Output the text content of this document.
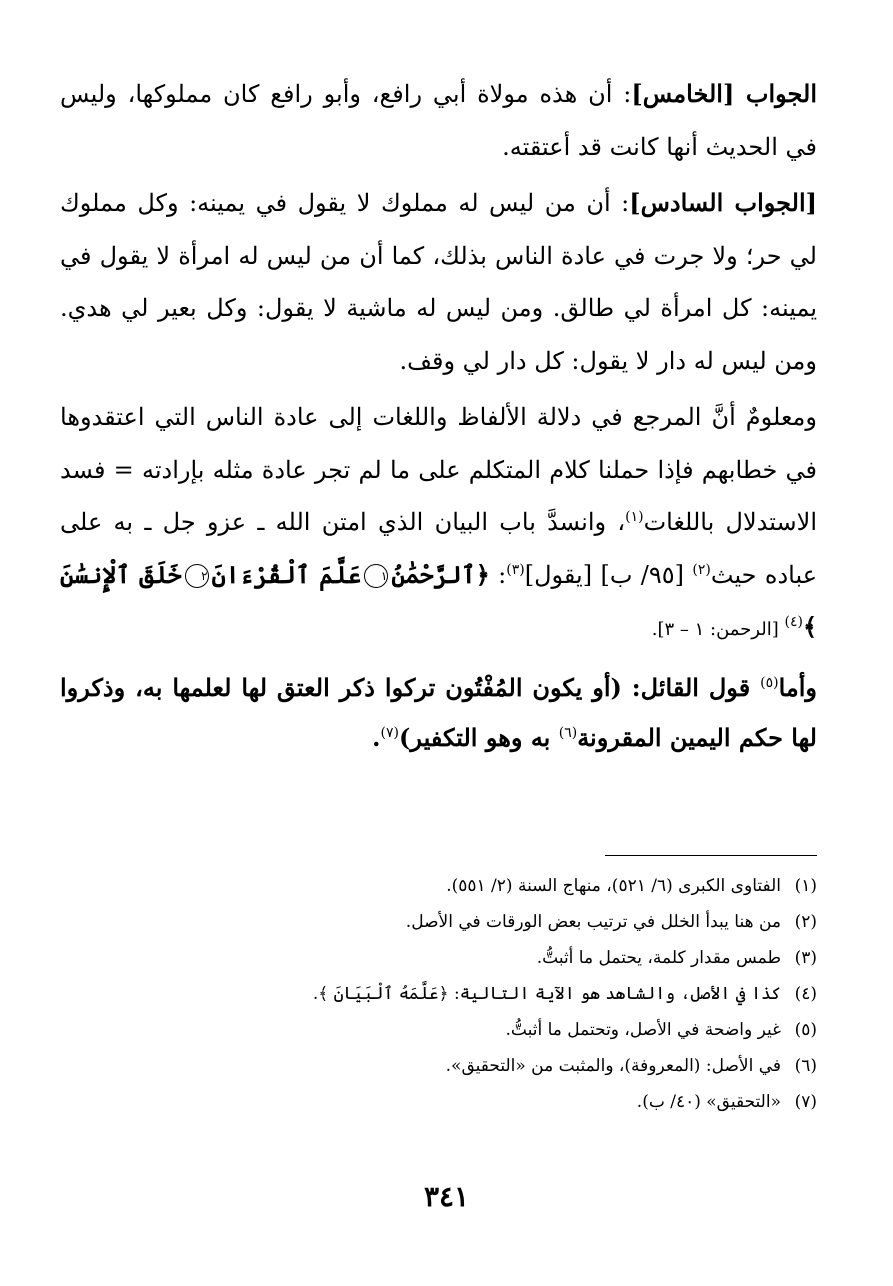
الجواب [الخامس]: أن هذه مولاة أبي رافع، وأبو رافع كان مملوكها، وليس في الحديث أنها كانت قد أعتقته.

[الجواب السادس]: أن من ليس له مملوك لا يقول في يمينه: وكل مملوك لي حر؛ ولا جرت في عادة الناس بذلك، كما أن من ليس له امرأة لا يقول في يمينه: كل امرأة لي طالق. ومن ليس له ماشية لا يقول: وكل بعير لي هدي. ومن ليس له دار لا يقول: كل دار لي وقف.

ومعلومٌ أنَّ المرجع في دلالة الألفاظ واللغات إلى عادة الناس التي اعتقدوها في خطابهم فإذا حملنا كلام المتكلم على ما لم تجر عادة مثله بإرادته = فسد الاستدلال باللغات$^{(١)}$، وانسدَّ باب البيان الذي امتن الله ـ عزو جل ـ به على عباده حيث$^{(٢)}$ [٩٥/ ب] [يقول]$^{(٣)}$: ﴿ٱلرَّحْمَٰنُ١عَلَّمَ ٱلْقُرْءَانَ٢خَلَقَ ٱلْإِنسَٰنَ ﴾$^{(٤)}$ [الرحمن: ١ – ٣].

وأما$^{(٥)}$ قول القائل: (أو يكون المُفْتُون تركوا ذكر العتق لها لعلمها به، وذكروا لها حكم اليمين المقرونة$^{(٦)}$ به وهو التكفير)$^{(٧)}$.

(١)الفتاوى الكبرى (٦/ ٥٢١)، منهاج السنة (٢/ ٥٥١).
(٢)من هنا يبدأ الخلل في ترتيب بعض الورقات في الأصل.
(٣)طمس مقدار كلمة، يحتمل ما أثبتُّ.
(٤)كذا في الأصل، والشاهد هو الآية التالية: ﴿عَلَّمَهُ ٱلْبَيَانَ ﴾.
(٥)غير واضحة في الأصل، وتحتمل ما أثبتُّ.
(٦)في الأصل: (المعروفة)، والمثبت من «التحقيق».
(٧)«التحقيق» (٤٠/ ب).
٣٤١
